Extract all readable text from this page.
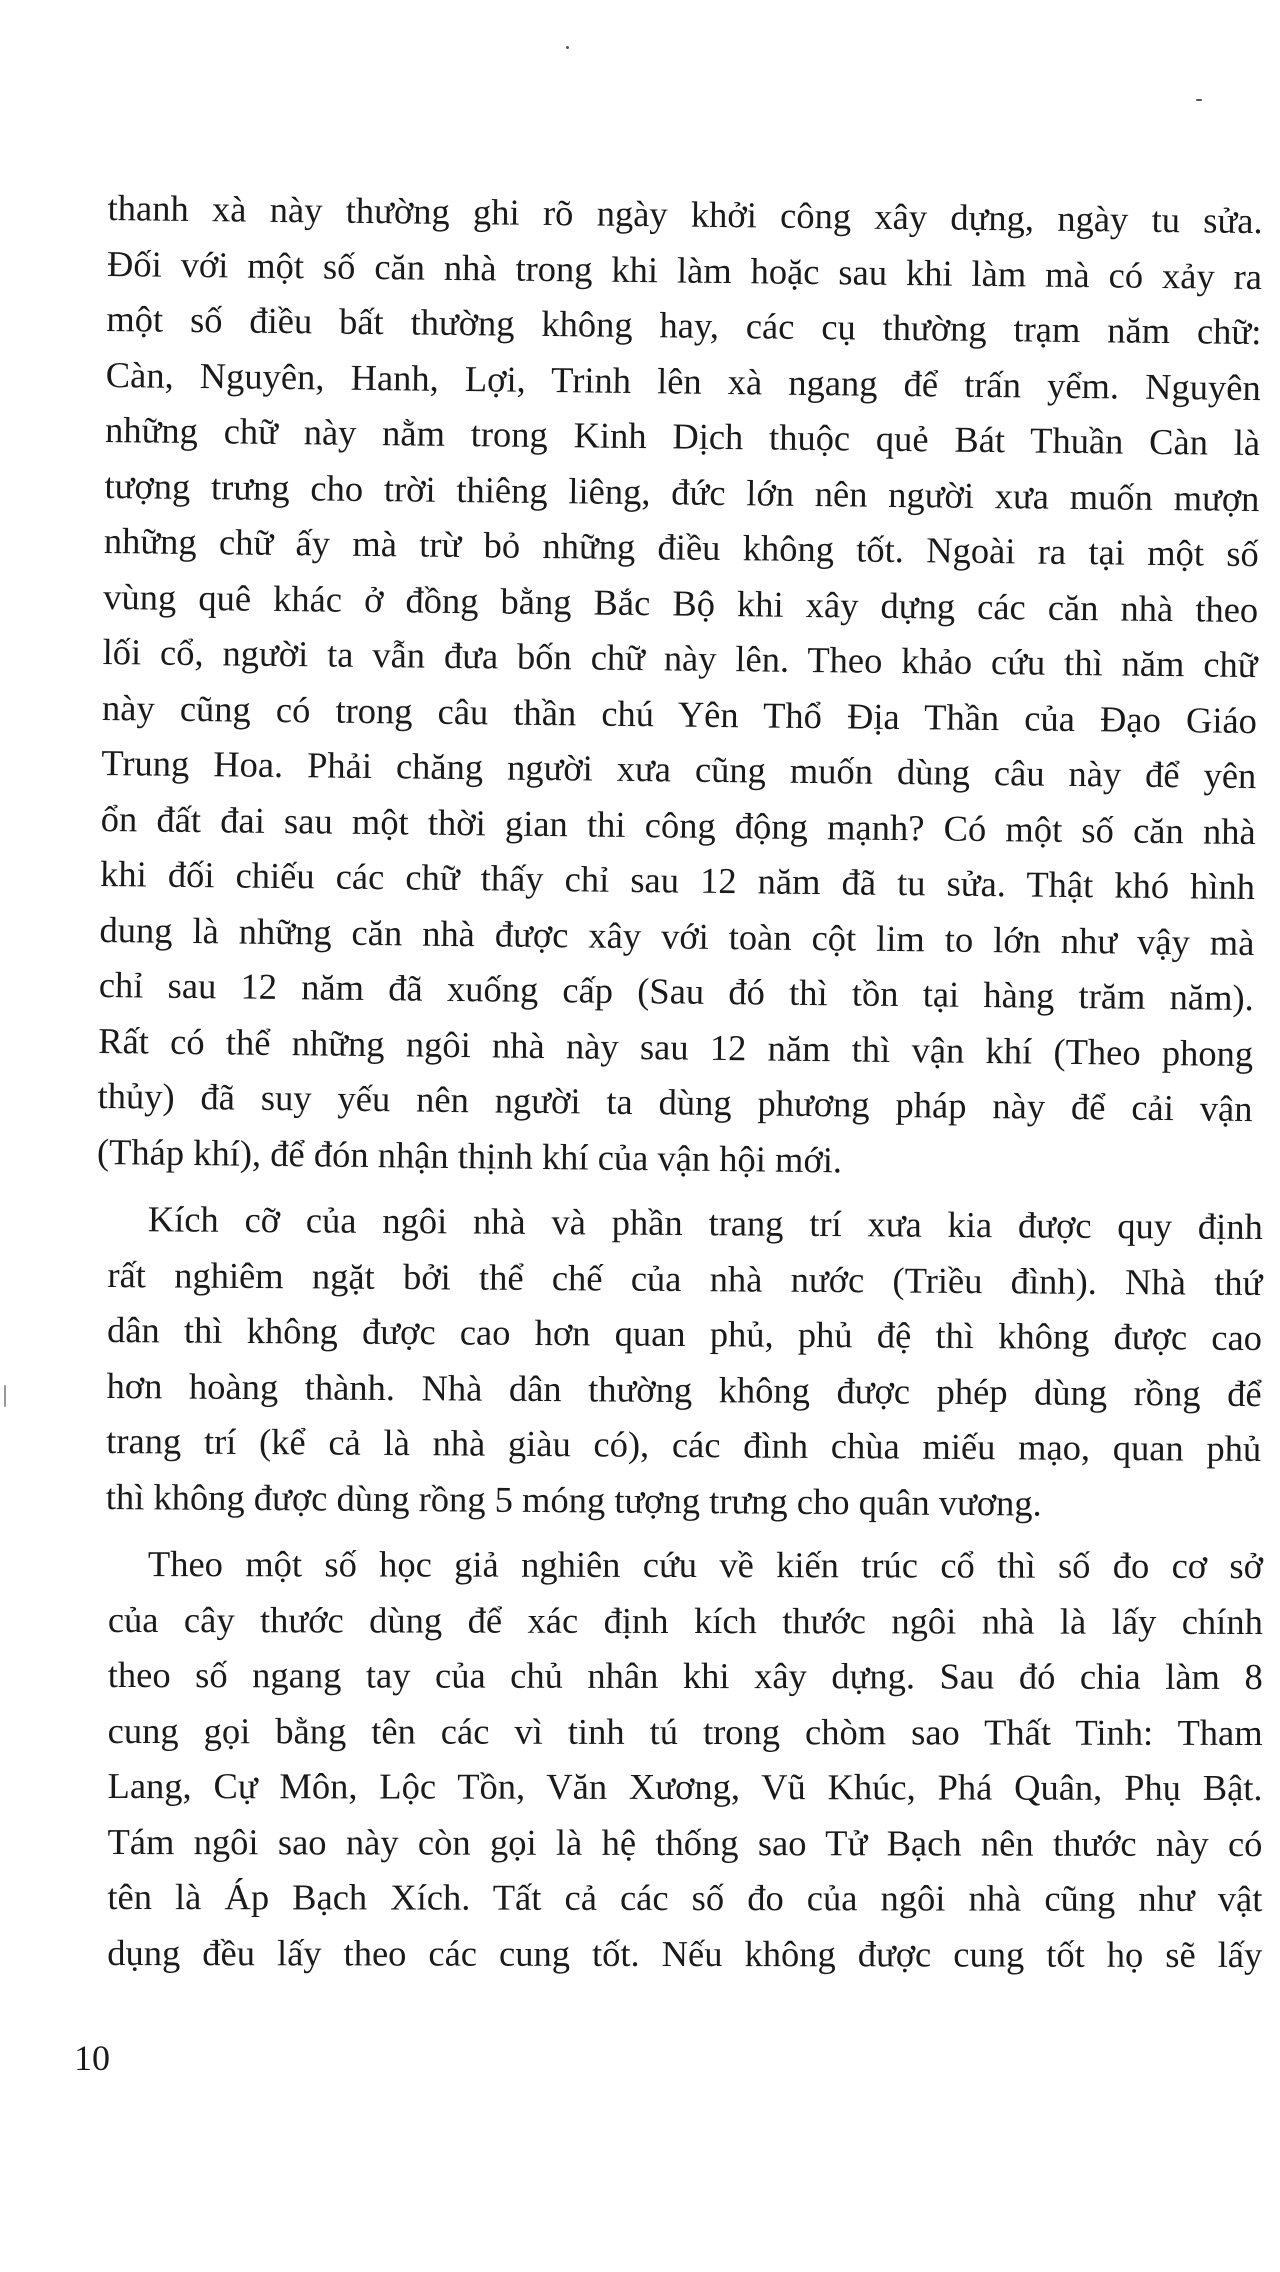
thanh xà này thường ghi rõ ngày khởi công xây dựng, ngày tu sửa.
Đối với một số căn nhà trong khi làm hoặc sau khi làm mà có xảy ra
một số điều bất thường không hay, các cụ thường trạm năm chữ:
Càn, Nguyên, Hanh, Lợi, Trinh lên xà ngang để trấn yểm. Nguyên
những chữ này nằm trong Kinh Dịch thuộc quẻ Bát Thuần Càn là
tượng trưng cho trời thiêng liêng, đức lớn nên người xưa muốn mượn
những chữ ấy mà trừ bỏ những điều không tốt. Ngoài ra tại một số
vùng quê khác ở đồng bằng Bắc Bộ khi xây dựng các căn nhà theo
lối cổ, người ta vẫn đưa bốn chữ này lên. Theo khảo cứu thì năm chữ
này cũng có trong câu thần chú Yên Thổ Địa Thần của Đạo Giáo
Trung Hoa. Phải chăng người xưa cũng muốn dùng câu này để yên
ổn đất đai sau một thời gian thi công động mạnh? Có một số căn nhà
khi đối chiếu các chữ thấy chỉ sau 12 năm đã tu sửa. Thật khó hình
dung là những căn nhà được xây với toàn cột lim to lớn như vậy mà
chỉ sau 12 năm đã xuống cấp (Sau đó thì tồn tại hàng trăm năm).
Rất có thể những ngôi nhà này sau 12 năm thì vận khí (Theo phong
thủy) đã suy yếu nên người ta dùng phương pháp này để cải vận
(Tháp khí), để đón nhận thịnh khí của vận hội mới.

Kích cỡ của ngôi nhà và phần trang trí xưa kia được quy định
rất nghiêm ngặt bởi thể chế của nhà nước (Triều đình). Nhà thứ
dân thì không được cao hơn quan phủ, phủ đệ thì không được cao
hơn hoàng thành. Nhà dân thường không được phép dùng rồng để
trang trí (kể cả là nhà giàu có), các đình chùa miếu mạo, quan phủ
thì không được dùng rồng 5 móng tượng trưng cho quân vương.

Theo một số học giả nghiên cứu về kiến trúc cổ thì số đo cơ sở
của cây thước dùng để xác định kích thước ngôi nhà là lấy chính
theo số ngang tay của chủ nhân khi xây dựng. Sau đó chia làm 8
cung gọi bằng tên các vì tinh tú trong chòm sao Thất Tinh: Tham
Lang, Cự Môn, Lộc Tồn, Văn Xương, Vũ Khúc, Phá Quân, Phụ Bật.
Tám ngôi sao này còn gọi là hệ thống sao Tử Bạch nên thước này có
tên là Áp Bạch Xích. Tất cả các số đo của ngôi nhà cũng như vật
dụng đều lấy theo các cung tốt. Nếu không được cung tốt họ sẽ lấy

10
